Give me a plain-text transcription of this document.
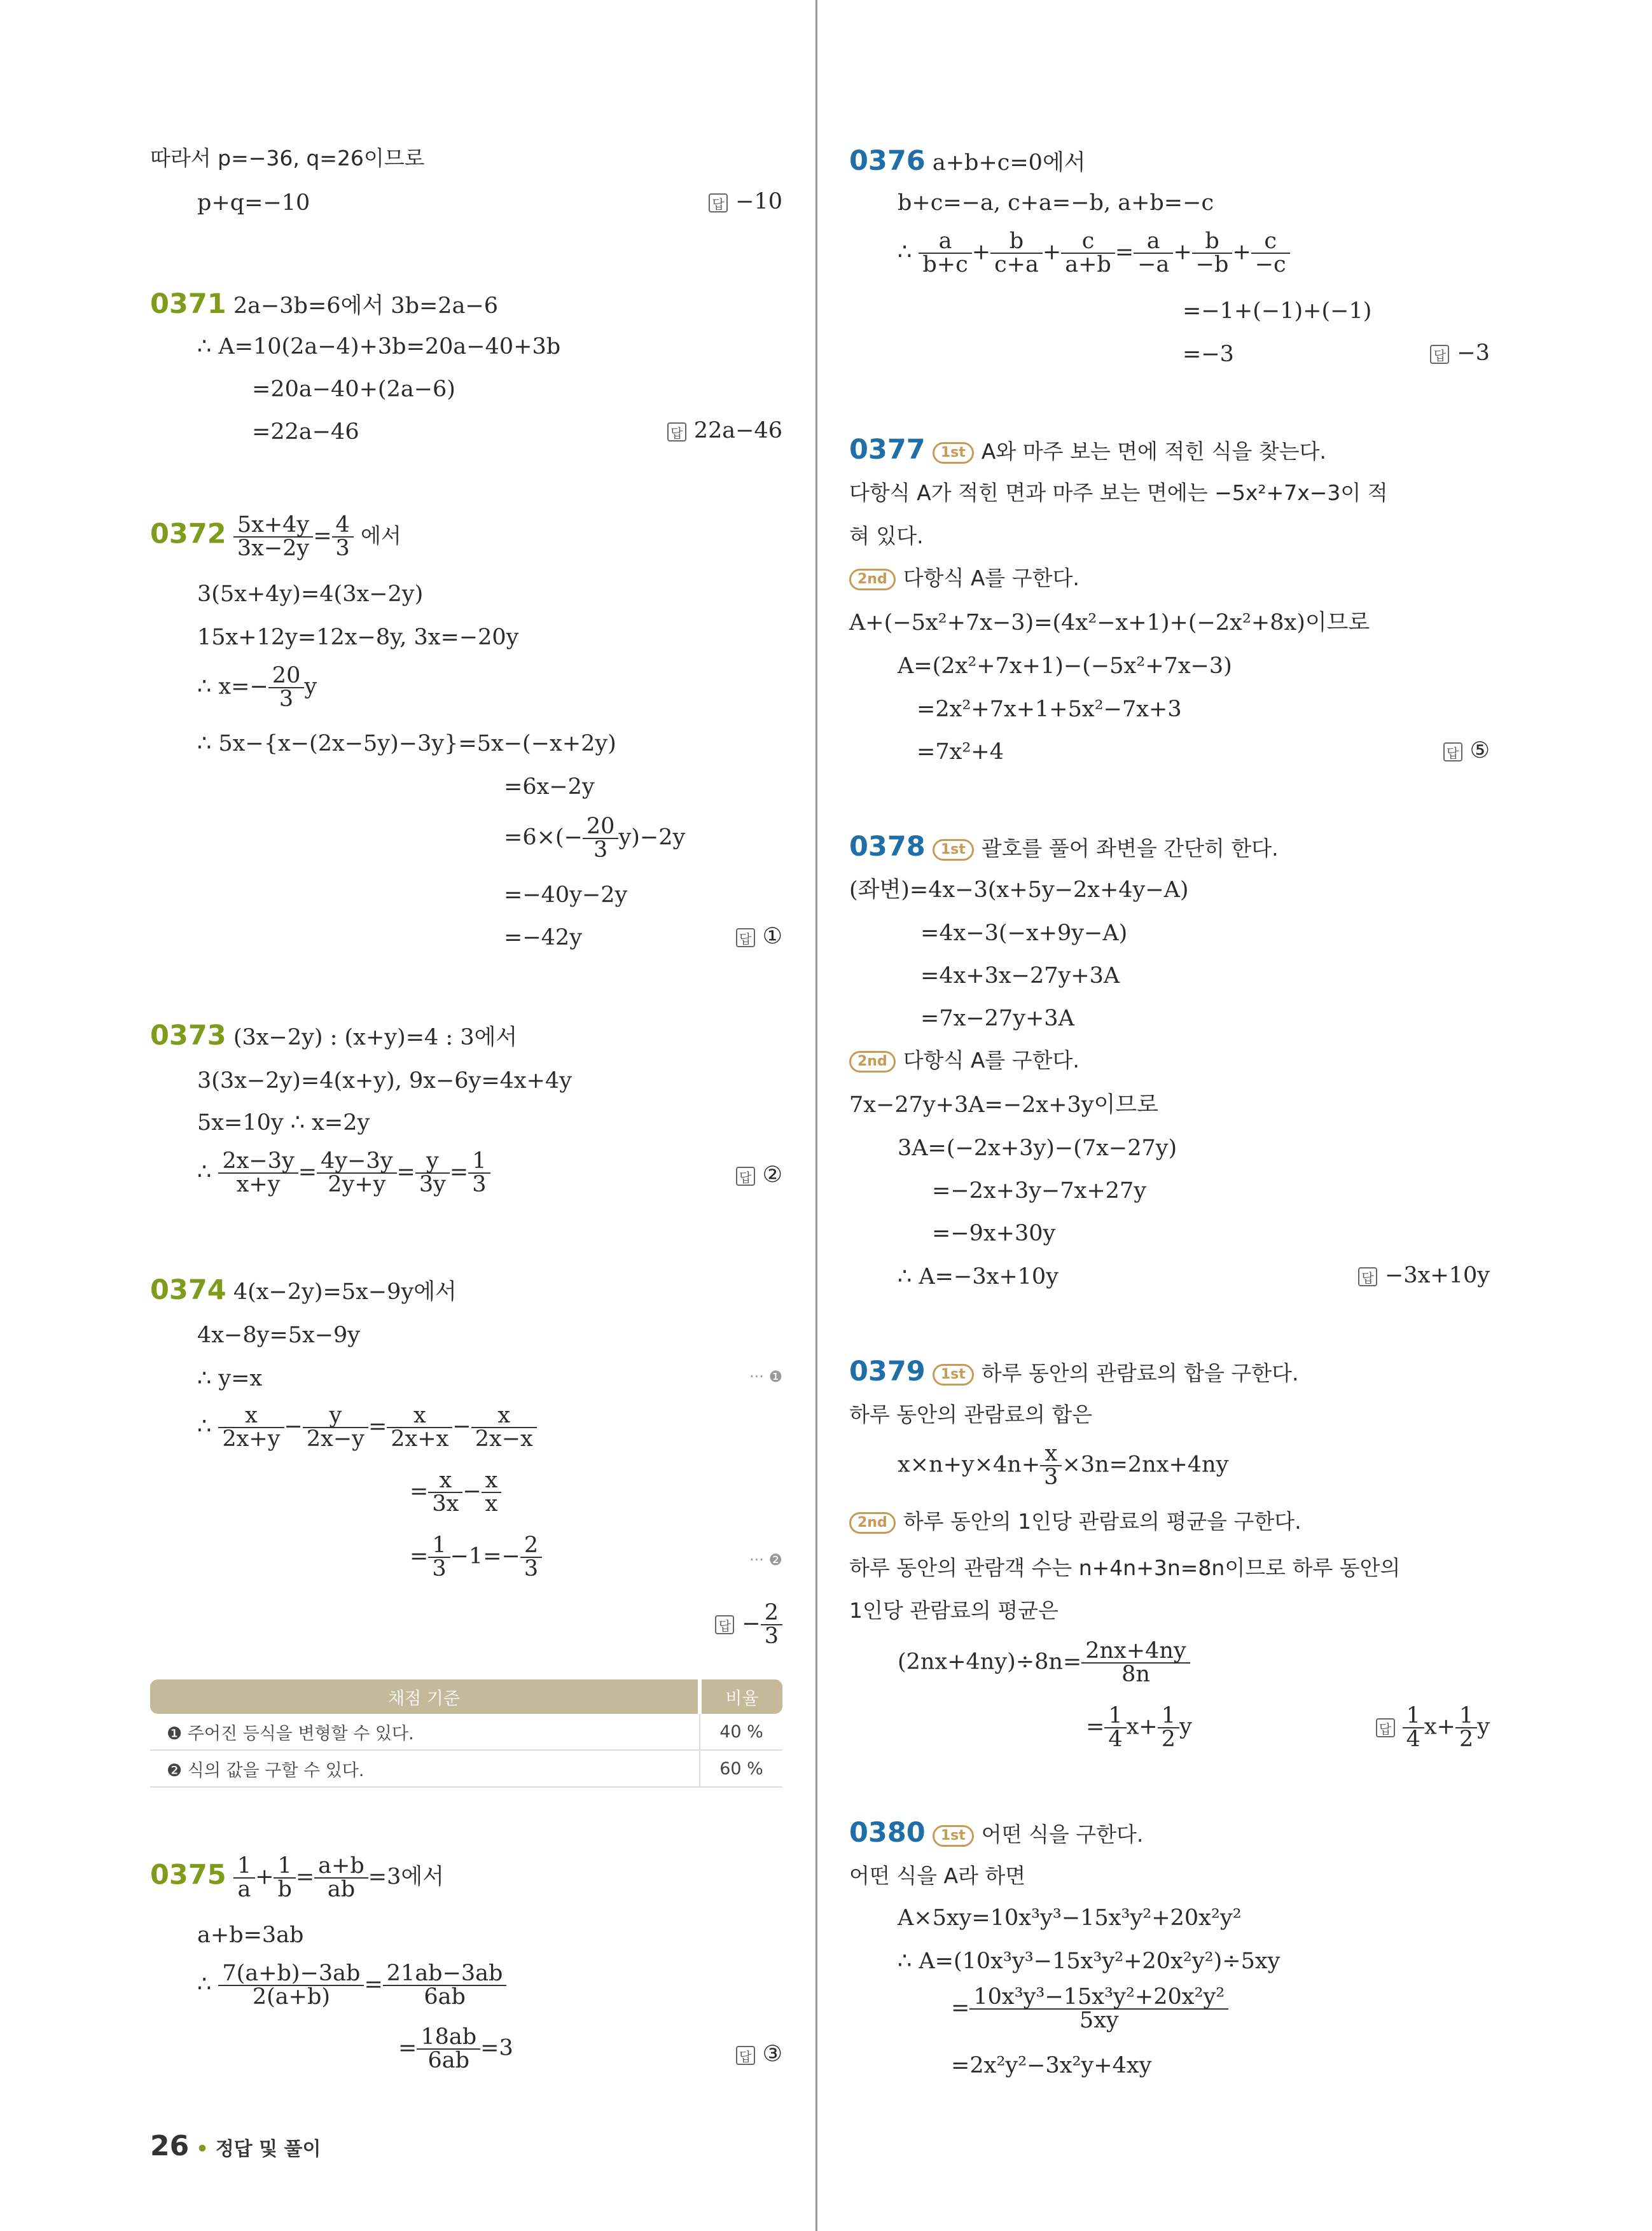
따라서 p=−36, q=26이므로
p+q=−10	답 −10
0371 2a−3b=6에서 3b=2a−6
∴ A=10(2a−4)+3b=20a−40+3b
=20a−40+(2a−6)
=22a−46	답 22a−46
$0372 \frac{5x+4y}{3x-2y} = \frac{4}{3}$ 에서
3(5x+4y)=4(3x−2y)
15x+12y=12x−8y, 3x=−20y
∴ $x=- \frac{20}{3}$ y
∴ 5x−{x−(2x−5y)−3y}=5x−(−x+2y)
=6x−2y
$=6\times(- \frac{20}{3} y)-2y$
=−40y−2y
=−42y	답 ①
0373 (3x−2y) : (x+y)=4 : 3에서
3(3x−2y)=4(x+y), 9x−6y=4x+4y
5x=10y ∴ x=2y
∴ $\frac{2x-3y}{x+y} = \frac{4y-3y}{2y+y} = \frac{y}{3y} = \frac{1}{3}$	답 ②
0374 4(x−2y)=5x−9y에서
4x−8y=5x−9y
∴ y=x	··· ❶
∴ $\frac{x}{2x+y} - \frac{y}{2x-y} = \frac{x}{2x+x} - \frac{x}{2x-x}$
= $\frac{x}{3x} - \frac{x}{x}$
= $\frac{1}{3} -1=- \frac{2}{3}$	··· ❷
답 − $\frac{2}{3}$
채점 기준	비율
❶ 주어진 등식을 변형할 수 있다.	40 %
❷ 식의 값을 구할 수 있다.	60 %
$0375 \frac{1}{a} + \frac{1}{b} = \frac{a+b}{ab} =3$에서
a+b=3ab
∴ $\frac{7(a+b)-3ab}{2(a+b)} = \frac{21ab-3ab}{6ab}$
= $\frac{18ab}{6ab} =3$	답 ③
26 • 정답 및 풀이
0376 a+b+c=0에서
b+c=−a, c+a=−b, a+b=−c
∴ $\frac{a}{b+c} + \frac{b}{c+a} + \frac{c}{a+b} = \frac{a}{-a} + \frac{b}{-b} + \frac{c}{-c}$
=−1+(−1)+(−1)
=−3	답 −3
0377 1st A와 마주 보는 면에 적힌 식을 찾는다.
다항식 A가 적힌 면과 마주 보는 면에는 −5x²+7x−3이 적
혀 있다.
2nd 다항식 A를 구한다.
A+(−5x²+7x−3)=(4x²−x+1)+(−2x²+8x)이므로
A=(2x²+7x+1)−(−5x²+7x−3)
=2x²+7x+1+5x²−7x+3
=7x²+4	답 ⑤
0378 1st 괄호를 풀어 좌변을 간단히 한다.
(좌변)=4x−3(x+5y−2x+4y−A)
=4x−3(−x+9y−A)
=4x+3x−27y+3A
=7x−27y+3A
2nd 다항식 A를 구한다.
7x−27y+3A=−2x+3y이므로
3A=(−2x+3y)−(7x−27y)
=−2x+3y−7x+27y
=−9x+30y
∴ A=−3x+10y	답 −3x+10y
0379 1st 하루 동안의 관람료의 합을 구한다.
하루 동안의 관람료의 합은
$x\times n+y\times 4n+ \frac{x}{3} \times 3n=2nx+4ny$
2nd 하루 동안의 1인당 관람료의 평균을 구한다.
하루 동안의 관람객 수는 n+4n+3n=8n이므로 하루 동안의
1인당 관람료의 평균은
$(2nx+4ny)\div 8n= \frac{2nx+4ny}{8n}$
= $\frac{1}{4} x+ \frac{1}{2}$ y	답 $\frac{1}{4} x+ \frac{1}{2}$ y
0380 1st 어떤 식을 구한다.
어떤 식을 A라 하면
A×5xy=10x³y³−15x³y²+20x²y²
∴ A=(10x³y³−15x³y²+20x²y²)÷5xy
= $\frac{\text{10x³y³−15x³y²+20x²y²}}{5xy}$
=2x²y²−3x²y+4xy
